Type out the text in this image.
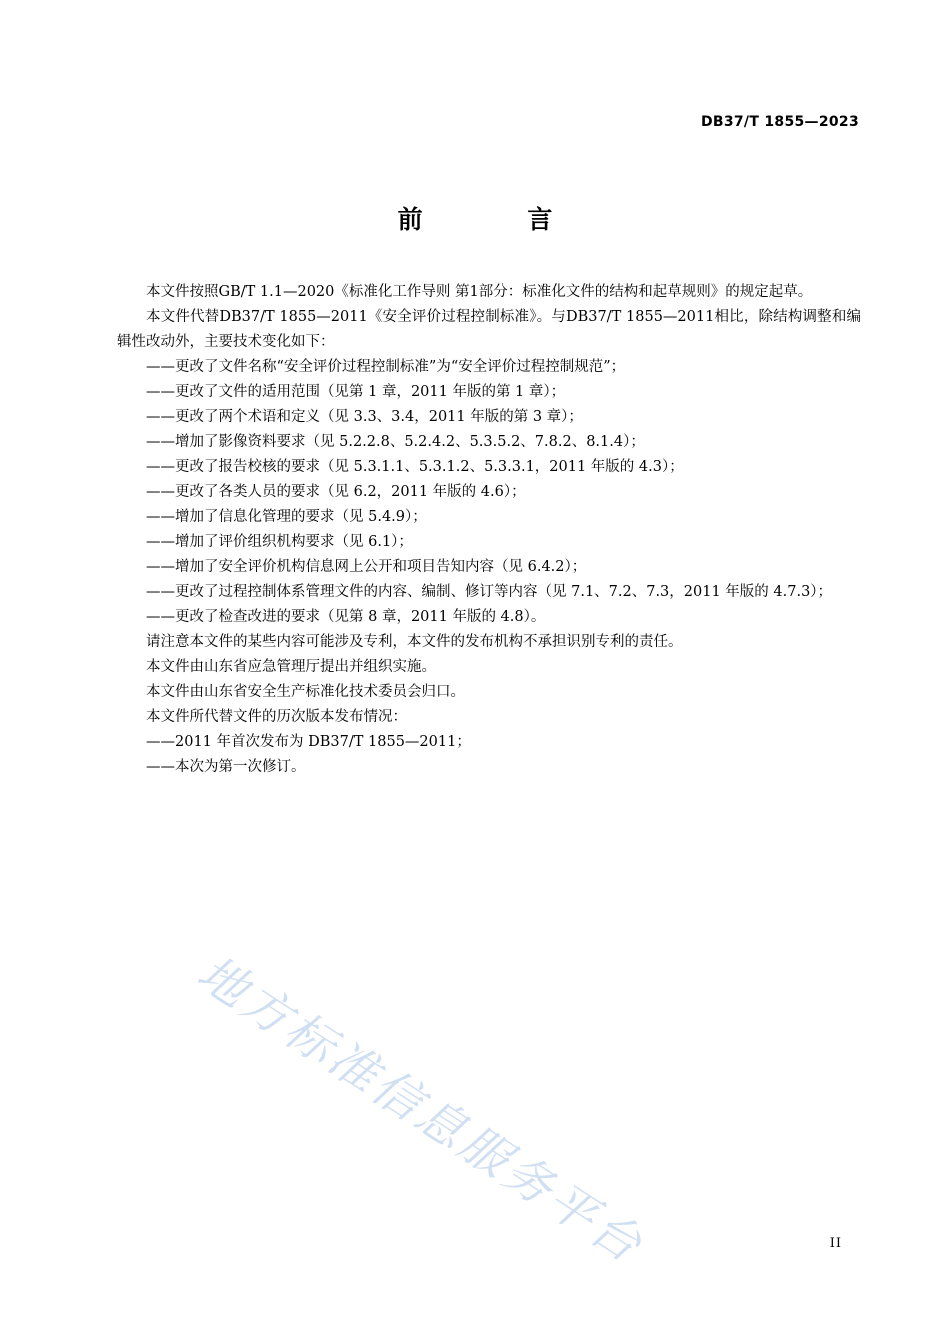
DB37/T 1855—2023
前 言

本文件按照GB/T 1.1—2020《标准化工作导则 第1部分：标准化文件的结构和起草规则》的规定起草。

本文件代替DB37/T 1855—2011《安全评价过程控制标准》。与DB37/T 1855—2011相比，除结构调整和编辑性改动外，主要技术变化如下：

——更改了文件名称“安全评价过程控制标准”为“安全评价过程控制规范”；

——更改了文件的适用范围（见第 1 章，2011 年版的第 1 章）；

——更改了两个术语和定义（见 3.3、3.4，2011 年版的第 3 章）；

——增加了影像资料要求（见 5.2.2.8、5.2.4.2、5.3.5.2、7.8.2、8.1.4）；

——更改了报告校核的要求（见 5.3.1.1、5.3.1.2、5.3.3.1，2011 年版的 4.3）；

——更改了各类人员的要求（见 6.2，2011 年版的 4.6）；

——增加了信息化管理的要求（见 5.4.9）；

——增加了评价组织机构要求（见 6.1）；

——增加了安全评价机构信息网上公开和项目告知内容（见 6.4.2）；

——更改了过程控制体系管理文件的内容、编制、修订等内容（见 7.1、7.2、7.3，2011 年版的 4.7.3）；

——更改了检查改进的要求（见第 8 章，2011 年版的 4.8）。

请注意本文件的某些内容可能涉及专利，本文件的发布机构不承担识别专利的责任。

本文件由山东省应急管理厅提出并组织实施。

本文件由山东省安全生产标准化技术委员会归口。

本文件所代替文件的历次版本发布情况：

——2011 年首次发布为 DB37/T 1855—2011；

——本次为第一次修订。

地方标准信息服务平台	II
